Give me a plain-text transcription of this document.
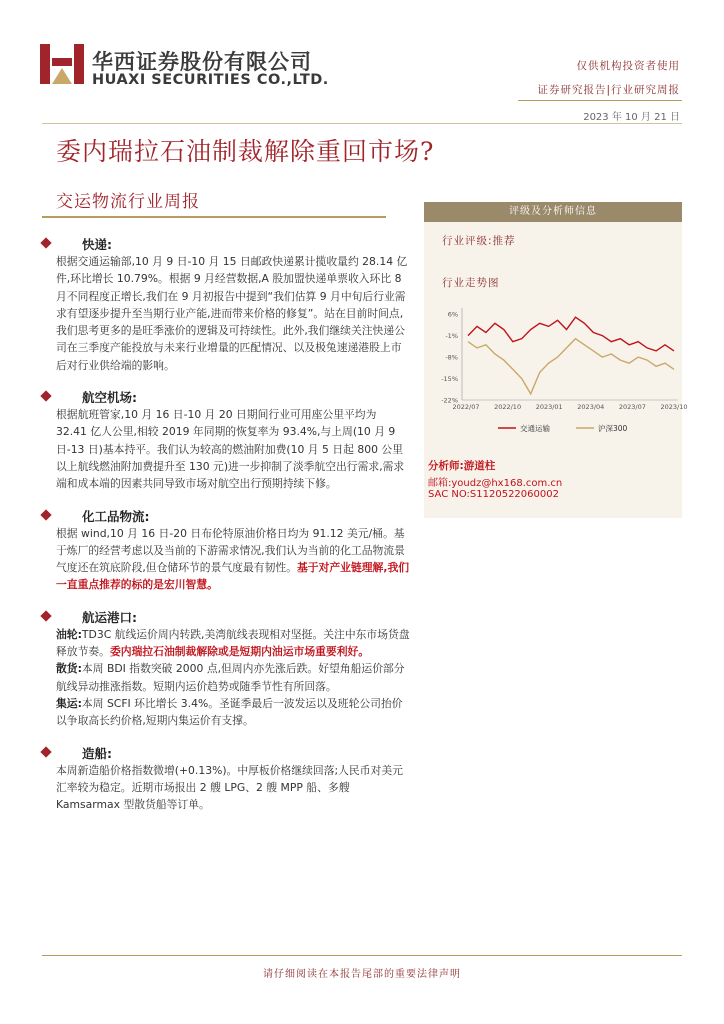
华西证券股份有限公司
HUAXI SECURITIES CO.,LTD.
仅供机构投资者使用
证券研究报告|行业研究周报
2023 年 10 月 21 日
委内瑞拉石油制裁解除重回市场?
交运物流行业周报
快递:

根据交通运输部,10 月 9 日-10 月 15 日邮政快递累计揽收量约 28.14 亿件,环比增长 10.79%。根据 9 月经营数据,A 股加盟快递单票收入环比 8 月不同程度正增长,我们在 9 月初报告中提到“我们估算 9 月中旬后行业需求有望逐步提升至当期行业产能,进而带来价格的修复”。站在目前时间点,我们思考更多的是旺季涨价的逻辑及可持续性。此外,我们继续关注快递公司在三季度产能投放与未来行业增量的匹配情况、以及极兔速递港股上市后对行业供给端的影响。

航空机场:

根据航班管家,10 月 16 日-10 月 20 日期间行业可用座公里平均为 32.41 亿人公里,相较 2019 年同期的恢复率为 93.4%,与上周(10 月 9 日-13 日)基本持平。我们认为较高的燃油附加费(10 月 5 日起 800 公里以上航线燃油附加费提升至 130 元)进一步抑制了淡季航空出行需求,需求端和成本端的因素共同导致市场对航空出行预期持续下修。

化工品物流:

根据 wind,10 月 16 日-20 日布伦特原油价格日均为 91.12 美元/桶。基于炼厂的经营考虑以及当前的下游需求情况,我们认为当前的化工品物流景气度还在筑底阶段,但仓储环节的景气度最有韧性。基于对产业链理解,我们一直重点推荐的标的是宏川智慧。

航运港口:

油轮:TD3C 航线运价周内转跌,美湾航线表现相对坚挺。关注中东市场货盘释放节奏。委内瑞拉石油制裁解除或是短期内油运市场重要利好。

散货:本周 BDI 指数突破 2000 点,但周内亦先涨后跌。好望角船运价部分航线异动推涨指数。短期内运价趋势或随季节性有所回落。

集运:本周 SCFI 环比增长 3.4%。圣诞季最后一波发运以及班轮公司抬价以争取高长约价格,短期内集运价有支撑。

造船:

本周新造船价格指数微增(+0.13%)。中厚板价格继续回落;人民币对美元汇率较为稳定。近期市场报出 2 艘 LPG、2 艘 MPP 船、多艘 Kamsarmax 型散货船等订单。

评级及分析师信息
行业评级:推荐
行业走势图
6%
-1%
-8%
-15%
-22%
2022/07 2022/10 2023/01 2023/04 2023/07 2023/10
交通运输	沪深300
分析师:游道柱
邮箱:youdz@hx168.com.cn
SAC NO:S1120522060002
请仔细阅读在本报告尾部的重要法律声明
